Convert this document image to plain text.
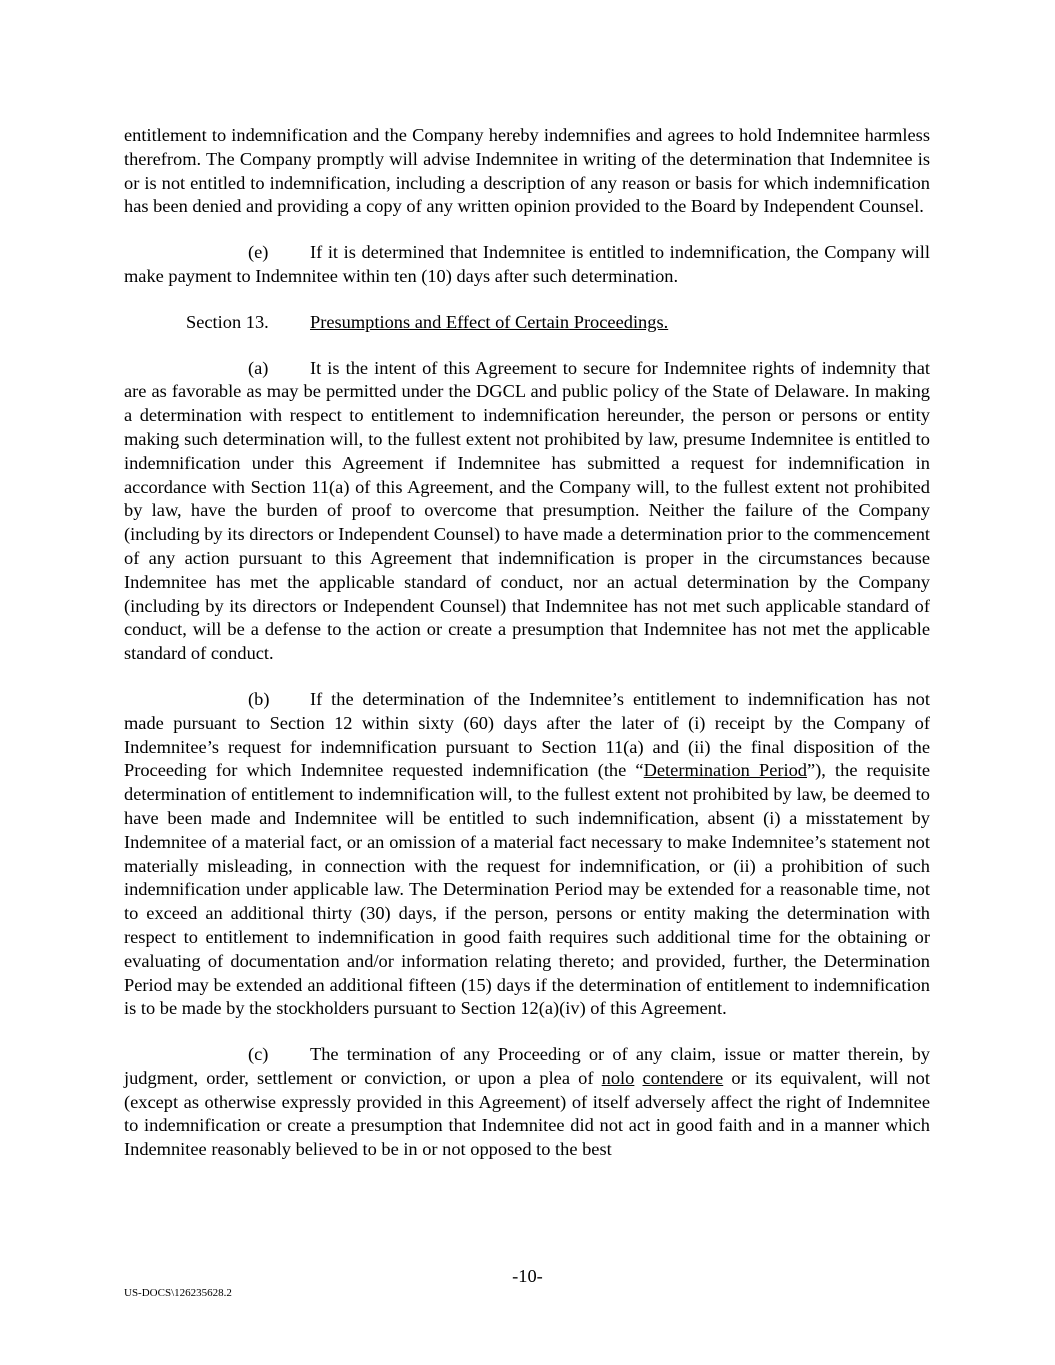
entitlement to indemnification and the Company hereby indemnifies and agrees to hold Indemnitee harmless therefrom. The Company promptly will advise Indemnitee in writing of the determination that Indemnitee is or is not entitled to indemnification, including a description of any reason or basis for which indemnification has been denied and providing a copy of any written opinion provided to the Board by Independent Counsel.

(e) If it is determined that Indemnitee is entitled to indemnification, the Company will make payment to Indemnitee within ten (10) days after such determination.

Section 13. Presumptions and Effect of Certain Proceedings.

(a) It is the intent of this Agreement to secure for Indemnitee rights of indemnity that are as favorable as may be permitted under the DGCL and public policy of the State of Delaware. In making a determination with respect to entitlement to indemnification hereunder, the person or persons or entity making such determination will, to the fullest extent not prohibited by law, presume Indemnitee is entitled to indemnification under this Agreement if Indemnitee has submitted a request for indemnification in accordance with Section 11(a) of this Agreement, and the Company will, to the fullest extent not prohibited by law, have the burden of proof to overcome that presumption. Neither the failure of the Company (including by its directors or Independent Counsel) to have made a determination prior to the commencement of any action pursuant to this Agreement that indemnification is proper in the circumstances because Indemnitee has met the applicable standard of conduct, nor an actual determination by the Company (including by its directors or Independent Counsel) that Indemnitee has not met such applicable standard of conduct, will be a defense to the action or create a presumption that Indemnitee has not met the applicable standard of conduct.

(b) If the determination of the Indemnitee’s entitlement to indemnification has not made pursuant to Section 12 within sixty (60) days after the later of (i) receipt by the Company of Indemnitee’s request for indemnification pursuant to Section 11(a) and (ii) the final disposition of the Proceeding for which Indemnitee requested indemnification (the “Determination Period”), the requisite determination of entitlement to indemnification will, to the fullest extent not prohibited by law, be deemed to have been made and Indemnitee will be entitled to such indemnification, absent (i) a misstatement by Indemnitee of a material fact, or an omission of a material fact necessary to make Indemnitee’s statement not materially misleading, in connection with the request for indemnification, or (ii) a prohibition of such indemnification under applicable law. The Determination Period may be extended for a reasonable time, not to exceed an additional thirty (30) days, if the person, persons or entity making the determination with respect to entitlement to indemnification in good faith requires such additional time for the obtaining or evaluating of documentation and/or information relating thereto; and provided, further, the Determination Period may be extended an additional fifteen (15) days if the determination of entitlement to indemnification is to be made by the stockholders pursuant to Section 12(a)(iv) of this Agreement.

(c) The termination of any Proceeding or of any claim, issue or matter therein, by judgment, order, settlement or conviction, or upon a plea of nolo contendere or its equivalent, will not (except as otherwise expressly provided in this Agreement) of itself adversely affect the right of Indemnitee to indemnification or create a presumption that Indemnitee did not act in good faith and in a manner which Indemnitee reasonably believed to be in or not opposed to the best

-10-
US-DOCS\126235628.2
